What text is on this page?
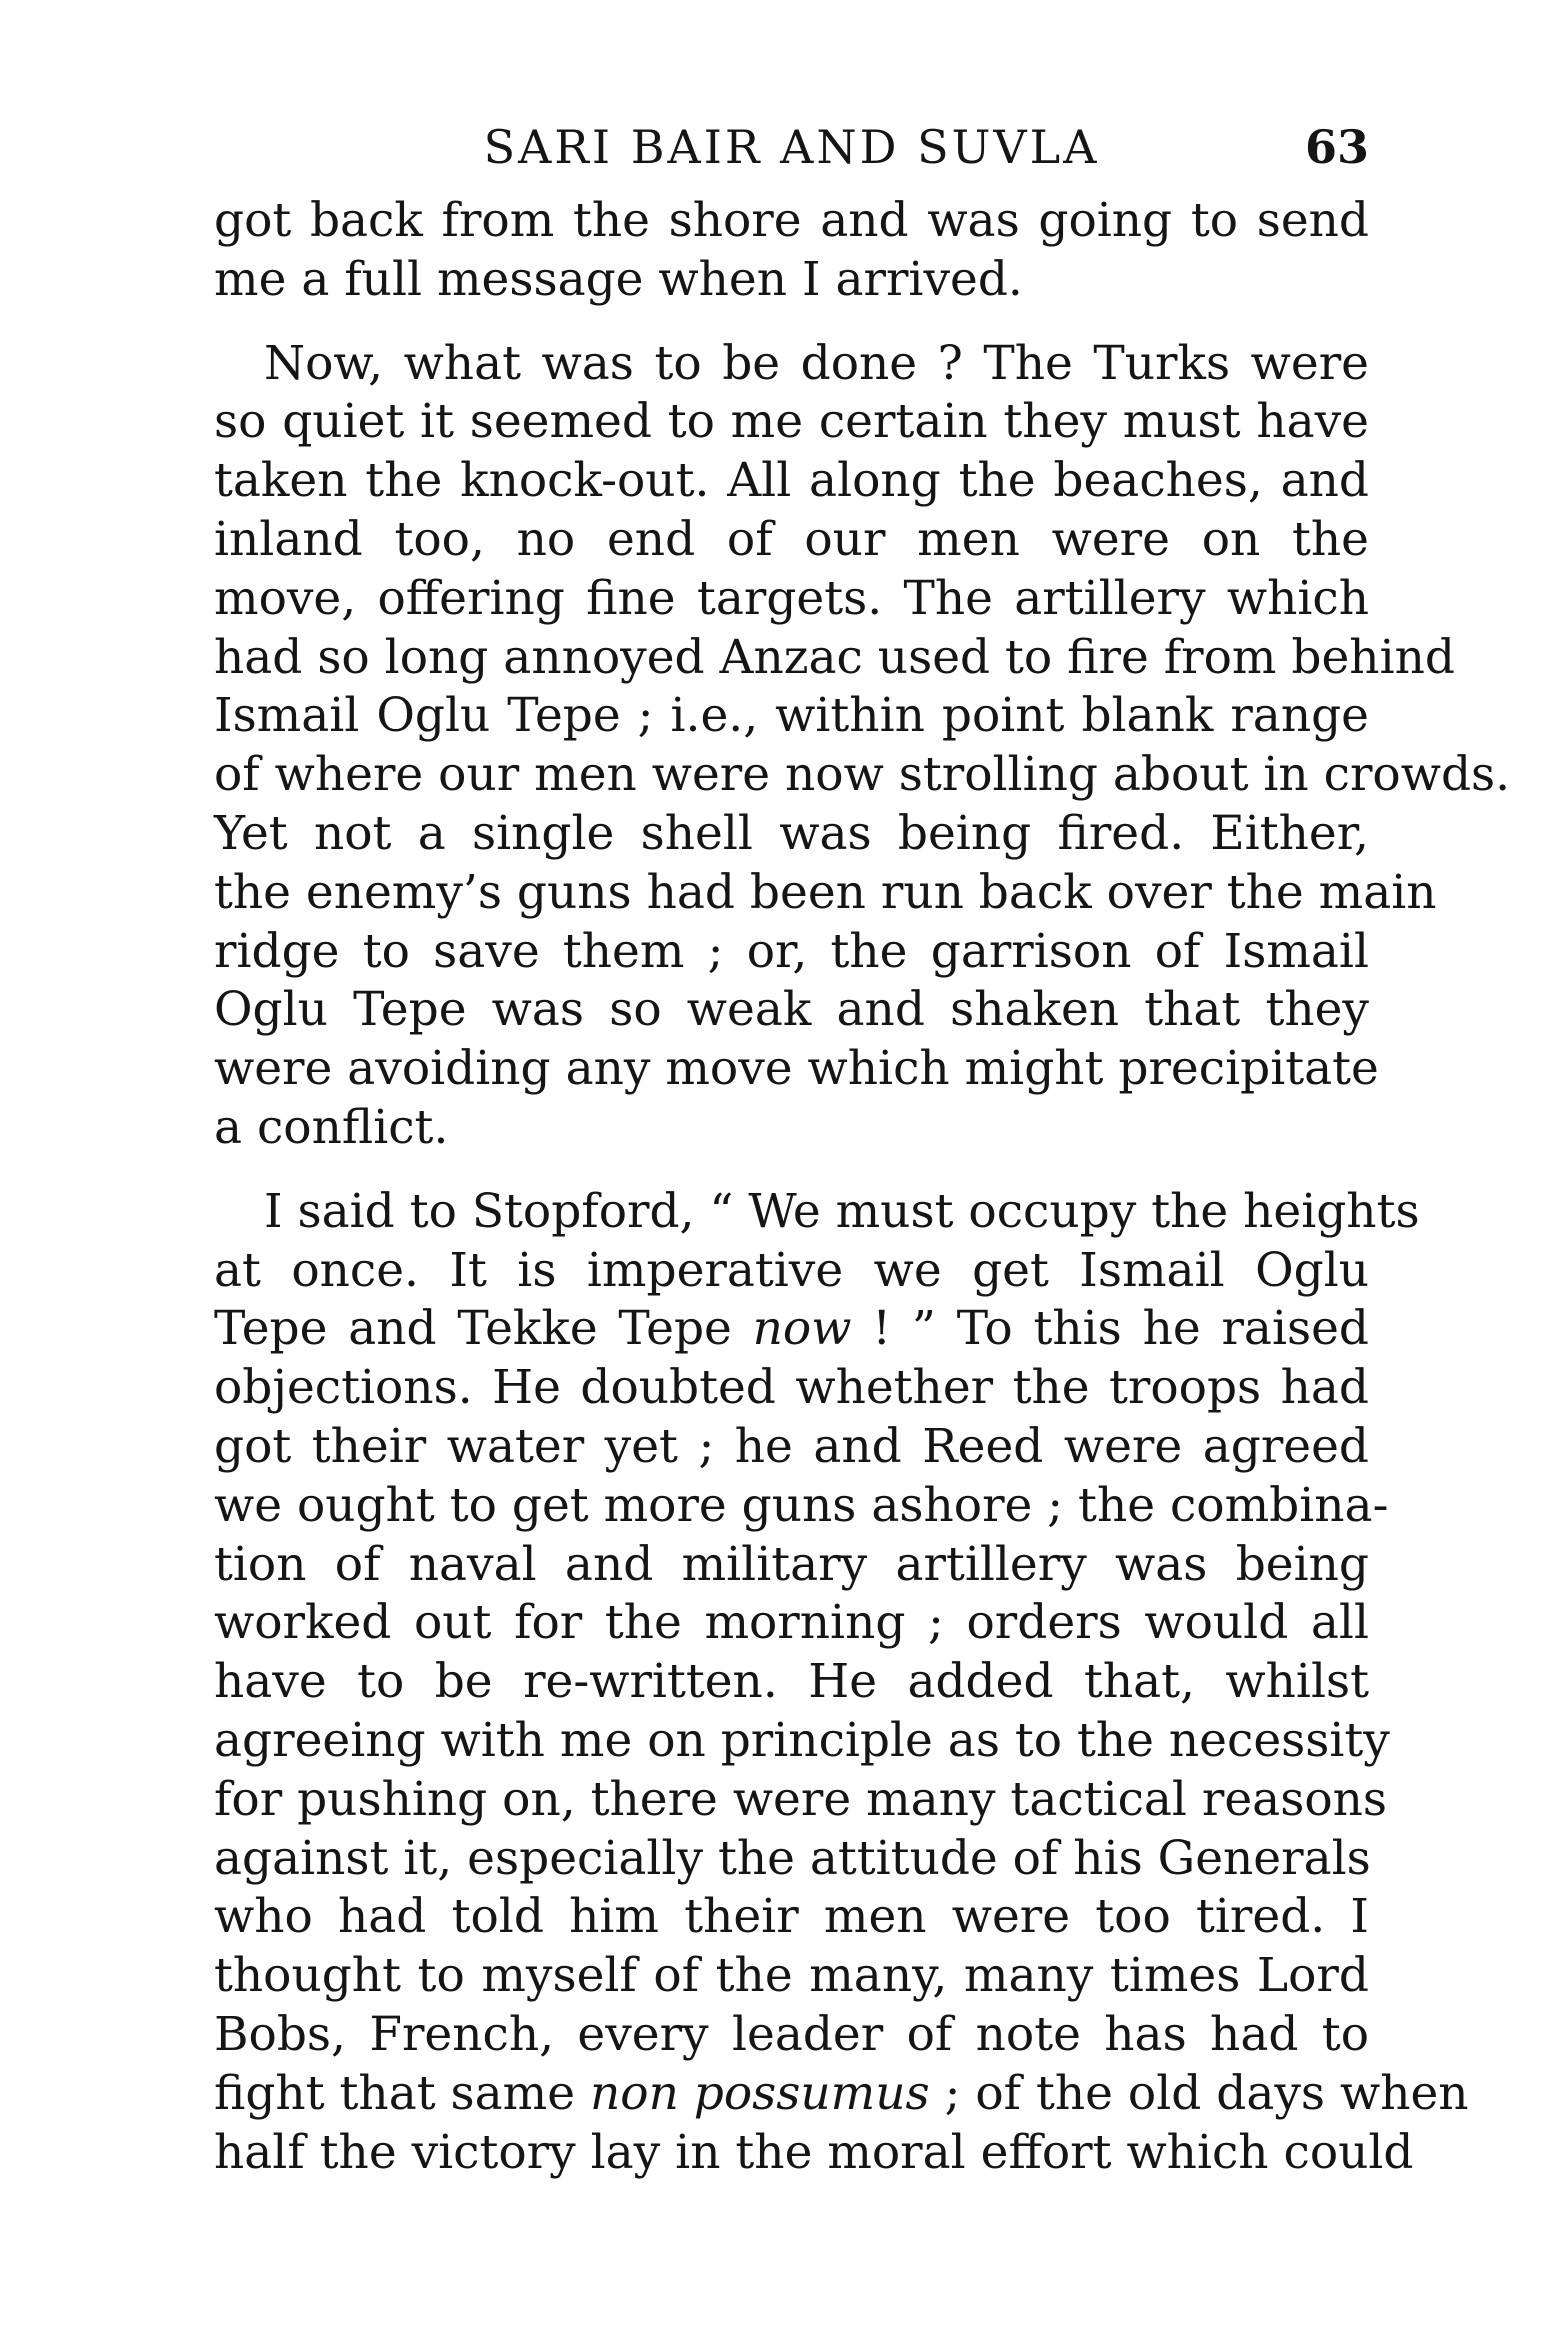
SARI BAIR AND SUVLA	63
got back from the shore and was going to send
me a full message when I arrived.
Now, what was to be done ? The Turks were
so quiet it seemed to me certain they must have
taken the knock-out. All along the beaches, and
inland too, no end of our men were on the
move, offering fine targets. The artillery which
had so long annoyed Anzac used to fire from behind
Ismail Oglu Tepe ; i.e., within point blank range
of where our men were now strolling about in crowds.
Yet not a single shell was being fired. Either,
the enemy’s guns had been run back over the main
ridge to save them ; or, the garrison of Ismail
Oglu Tepe was so weak and shaken that they
were avoiding any move which might precipitate
a conflict.
I said to Stopford, “ We must occupy the heights
at once. It is imperative we get Ismail Oglu
Tepe and Tekke Tepe now ! ” To this he raised
objections. He doubted whether the troops had
got their water yet ; he and Reed were agreed
we ought to get more guns ashore ; the combina-
tion of naval and military artillery was being
worked out for the morning ; orders would all
have to be re-written. He added that, whilst
agreeing with me on principle as to the necessity
for pushing on, there were many tactical reasons
against it, especially the attitude of his Generals
who had told him their men were too tired. I
thought to myself of the many, many times Lord
Bobs, French, every leader of note has had to
fight that same non possumus ; of the old days when
half the victory lay in the moral effort which could
